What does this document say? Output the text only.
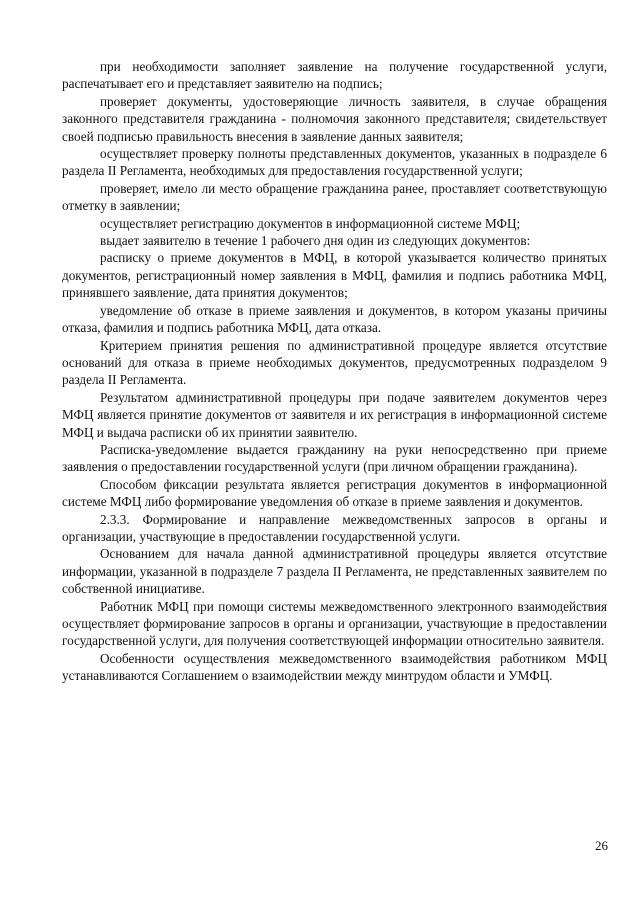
при необходимости заполняет заявление на получение государственной услуги, распечатывает его и представляет заявителю на подпись;

проверяет документы, удостоверяющие личность заявителя, в случае обращения законного представителя гражданина - полномочия законного представителя; свидетельствует своей подписью правильность внесения в заявление данных заявителя;

осуществляет проверку полноты представленных документов, указанных в подразделе 6 раздела II Регламента, необходимых для предоставления государственной услуги;

проверяет, имело ли место обращение гражданина ранее, проставляет соответствующую отметку в заявлении;

осуществляет регистрацию документов в информационной системе МФЦ;

выдает заявителю в течение 1 рабочего дня один из следующих документов:

расписку о приеме документов в МФЦ, в которой указывается количество принятых документов, регистрационный номер заявления в МФЦ, фамилия и подпись работника МФЦ, принявшего заявление, дата принятия документов;

уведомление об отказе в приеме заявления и документов, в котором указаны причины отказа, фамилия и подпись работника МФЦ, дата отказа.

Критерием принятия решения по административной процедуре является отсутствие оснований для отказа в приеме необходимых документов, предусмотренных подразделом 9 раздела II Регламента.

Результатом административной процедуры при подаче заявителем документов через МФЦ является принятие документов от заявителя и их регистрация в информационной системе МФЦ и выдача расписки об их принятии заявителю.

Расписка-уведомление выдается гражданину на руки непосредственно при приеме заявления о предоставлении государственной услуги (при личном обращении гражданина).

Способом фиксации результата является регистрация документов в информационной системе МФЦ либо формирование уведомления об отказе в приеме заявления и документов.

2.3.3. Формирование и направление межведомственных запросов в органы и организации, участвующие в предоставлении государственной услуги.

Основанием для начала данной административной процедуры является отсутствие информации, указанной в подразделе 7 раздела II Регламента, не представленных заявителем по собственной инициативе.

Работник МФЦ при помощи системы межведомственного электронного взаимодействия осуществляет формирование запросов в органы и организации, участвующие в предоставлении государственной услуги, для получения соответствующей информации относительно заявителя.

Особенности осуществления межведомственного взаимодействия работником МФЦ устанавливаются Соглашением о взаимодействии между минтрудом области и УМФЦ.

26
